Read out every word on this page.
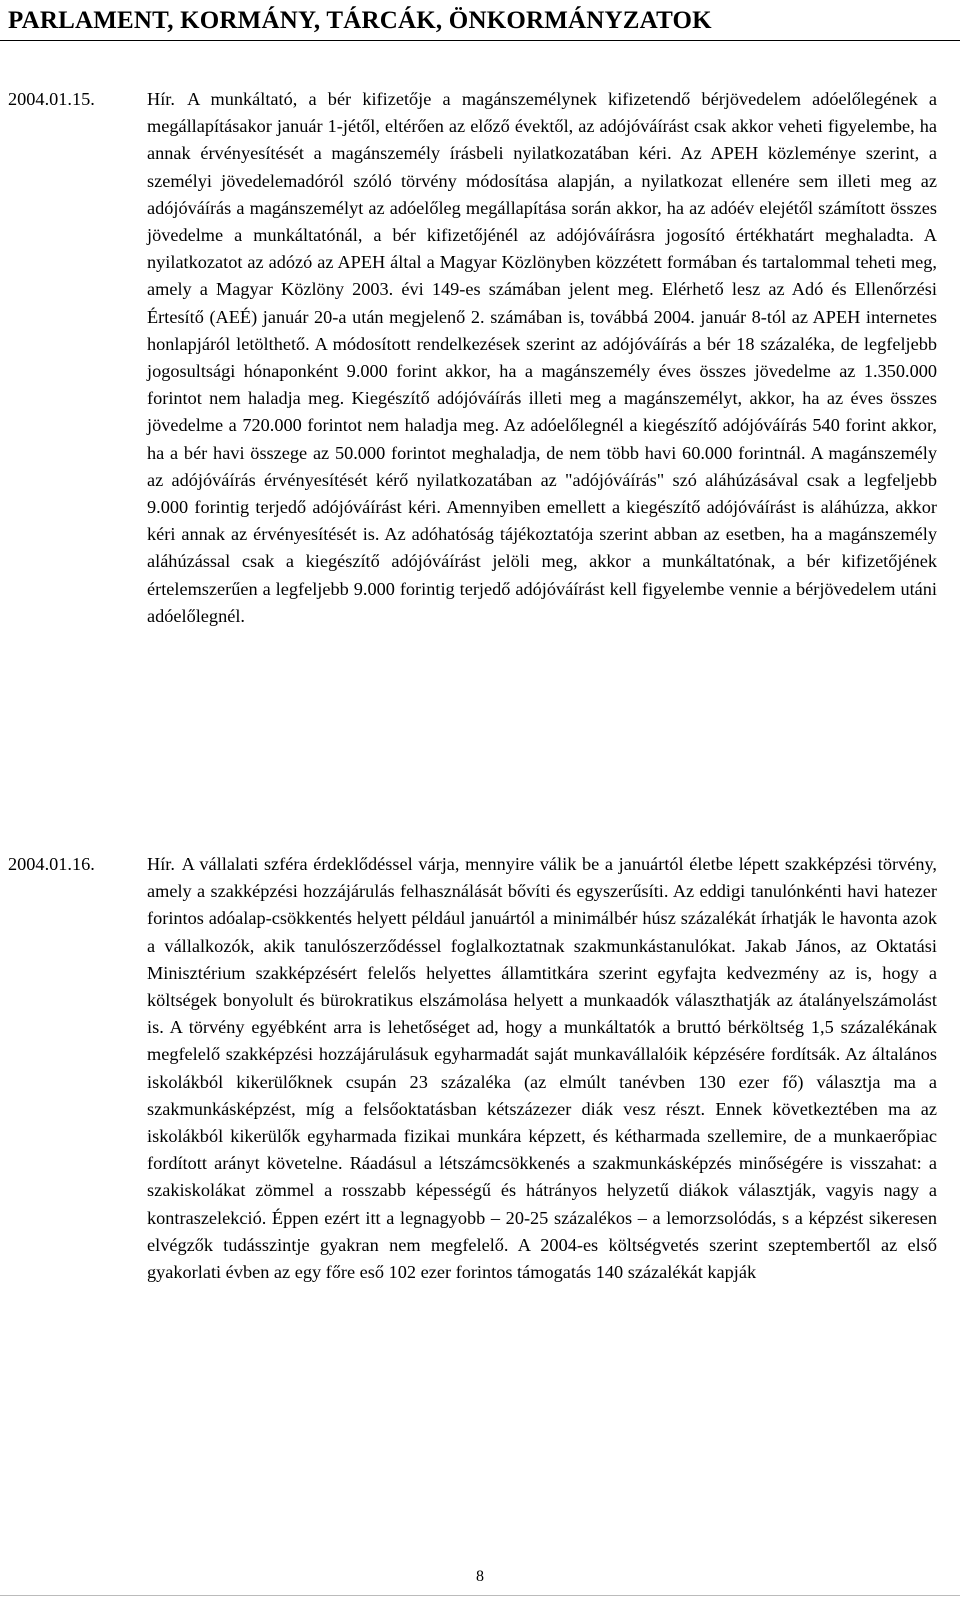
PARLAMENT, KORMÁNY, TÁRCÁK, ÖNKORMÁNYZATOK
2004.01.15.	Hír. A munkáltató, a bér kifizetője a magánszemélynek kifizetendő bérjövedelem adóelőlegének a megállapításakor január 1-jétől, eltérően az előző évektől, az adójóváírást csak akkor veheti figyelembe, ha annak érvényesítését a magánszemély írásbeli nyilatkozatában kéri. Az APEH közleménye szerint, a személyi jövedelemadóról szóló törvény módosítása alapján, a nyilatkozat ellenére sem illeti meg az adójóváírás a magánszemélyt az adóelőleg megállapítása során akkor, ha az adóév elejétől számított összes jövedelme a munkáltatónál, a bér kifizetőjénél az adójóváírásra jogosító értékhatárt meghaladta. A nyilatkozatot az adózó az APEH által a Magyar Közlönyben közzétett formában és tartalommal teheti meg, amely a Magyar Közlöny 2003. évi 149-es számában jelent meg. Elérhető lesz az Adó és Ellenőrzési Értesítő (AEÉ) január 20-a után megjelenő 2. számában is, továbbá 2004. január 8-tól az APEH internetes honlapjáról letölthető. A módosított rendelkezések szerint az adójóváírás a bér 18 százaléka, de legfeljebb jogosultsági hónaponként 9.000 forint akkor, ha a magánszemély éves összes jövedelme az 1.350.000 forintot nem haladja meg. Kiegészítő adójóváírás illeti meg a magánszemélyt, akkor, ha az éves összes jövedelme a 720.000 forintot nem haladja meg. Az adóelőlegnél a kiegészítő adójóváírás 540 forint akkor, ha a bér havi összege az 50.000 forintot meghaladja, de nem több havi 60.000 forintnál. A magánszemély az adójóváírás érvényesítését kérő nyilatkozatában az "adójóváírás" szó aláhúzásával csak a legfeljebb 9.000 forintig terjedő adójóváírást kéri. Amennyiben emellett a kiegészítő adójóváírást is aláhúzza, akkor kéri annak az érvényesítését is. Az adóhatóság tájékoztatója szerint abban az esetben, ha a magánszemély aláhúzással csak a kiegészítő adójóváírást jelöli meg, akkor a munkáltatónak, a bér kifizetőjének értelemszerűen a legfeljebb 9.000 forintig terjedő adójóváírást kell figyelembe vennie a bérjövedelem utáni adóelőlegnél.
2004.01.16.	Hír. A vállalati szféra érdeklődéssel várja, mennyire válik be a januártól életbe lépett szakképzési törvény, amely a szakképzési hozzájárulás felhasználását bővíti és egyszerűsíti. Az eddigi tanulónkénti havi hatezer forintos adóalap-csökkentés helyett például januártól a minimálbér húsz százalékát írhatják le havonta azok a vállalkozók, akik tanulószerződéssel foglalkoztatnak szakmunkástanulókat. Jakab János, az Oktatási Minisztérium szakképzésért felelős helyettes államtitkára szerint egyfajta kedvezmény az is, hogy a költségek bonyolult és bürokratikus elszámolása helyett a munkaadók választhatják az átalányelszámolást is. A törvény egyébként arra is lehetőséget ad, hogy a munkáltatók a bruttó bérköltség 1,5 százalékának megfelelő szakképzési hozzájárulásuk egyharmadát saját munkavállalóik képzésére fordítsák. Az általános iskolákból kikerülőknek csupán 23 százaléka (az elmúlt tanévben 130 ezer fő) választja ma a szakmunkásképzést, míg a felsőoktatásban kétszázezer diák vesz részt. Ennek következtében ma az iskolákból kikerülők egyharmada fizikai munkára képzett, és kétharmada szellemire, de a munkaerőpiac fordított arányt követelne. Ráadásul a létszámcsökkenés a szakmunkásképzés minőségére is visszahat: a szakiskolákat zömmel a rosszabb képességű és hátrányos helyzetű diákok választják, vagyis nagy a kontraszelekció. Éppen ezért itt a legnagyobb – 20-25 százalékos – a lemorzsolódás, s a képzést sikeresen elvégzők tudásszintje gyakran nem megfelelő. A 2004-es költségvetés szerint szeptembertől az első gyakorlati évben az egy főre eső 102 ezer forintos támogatás 140 százalékát kapják
8
